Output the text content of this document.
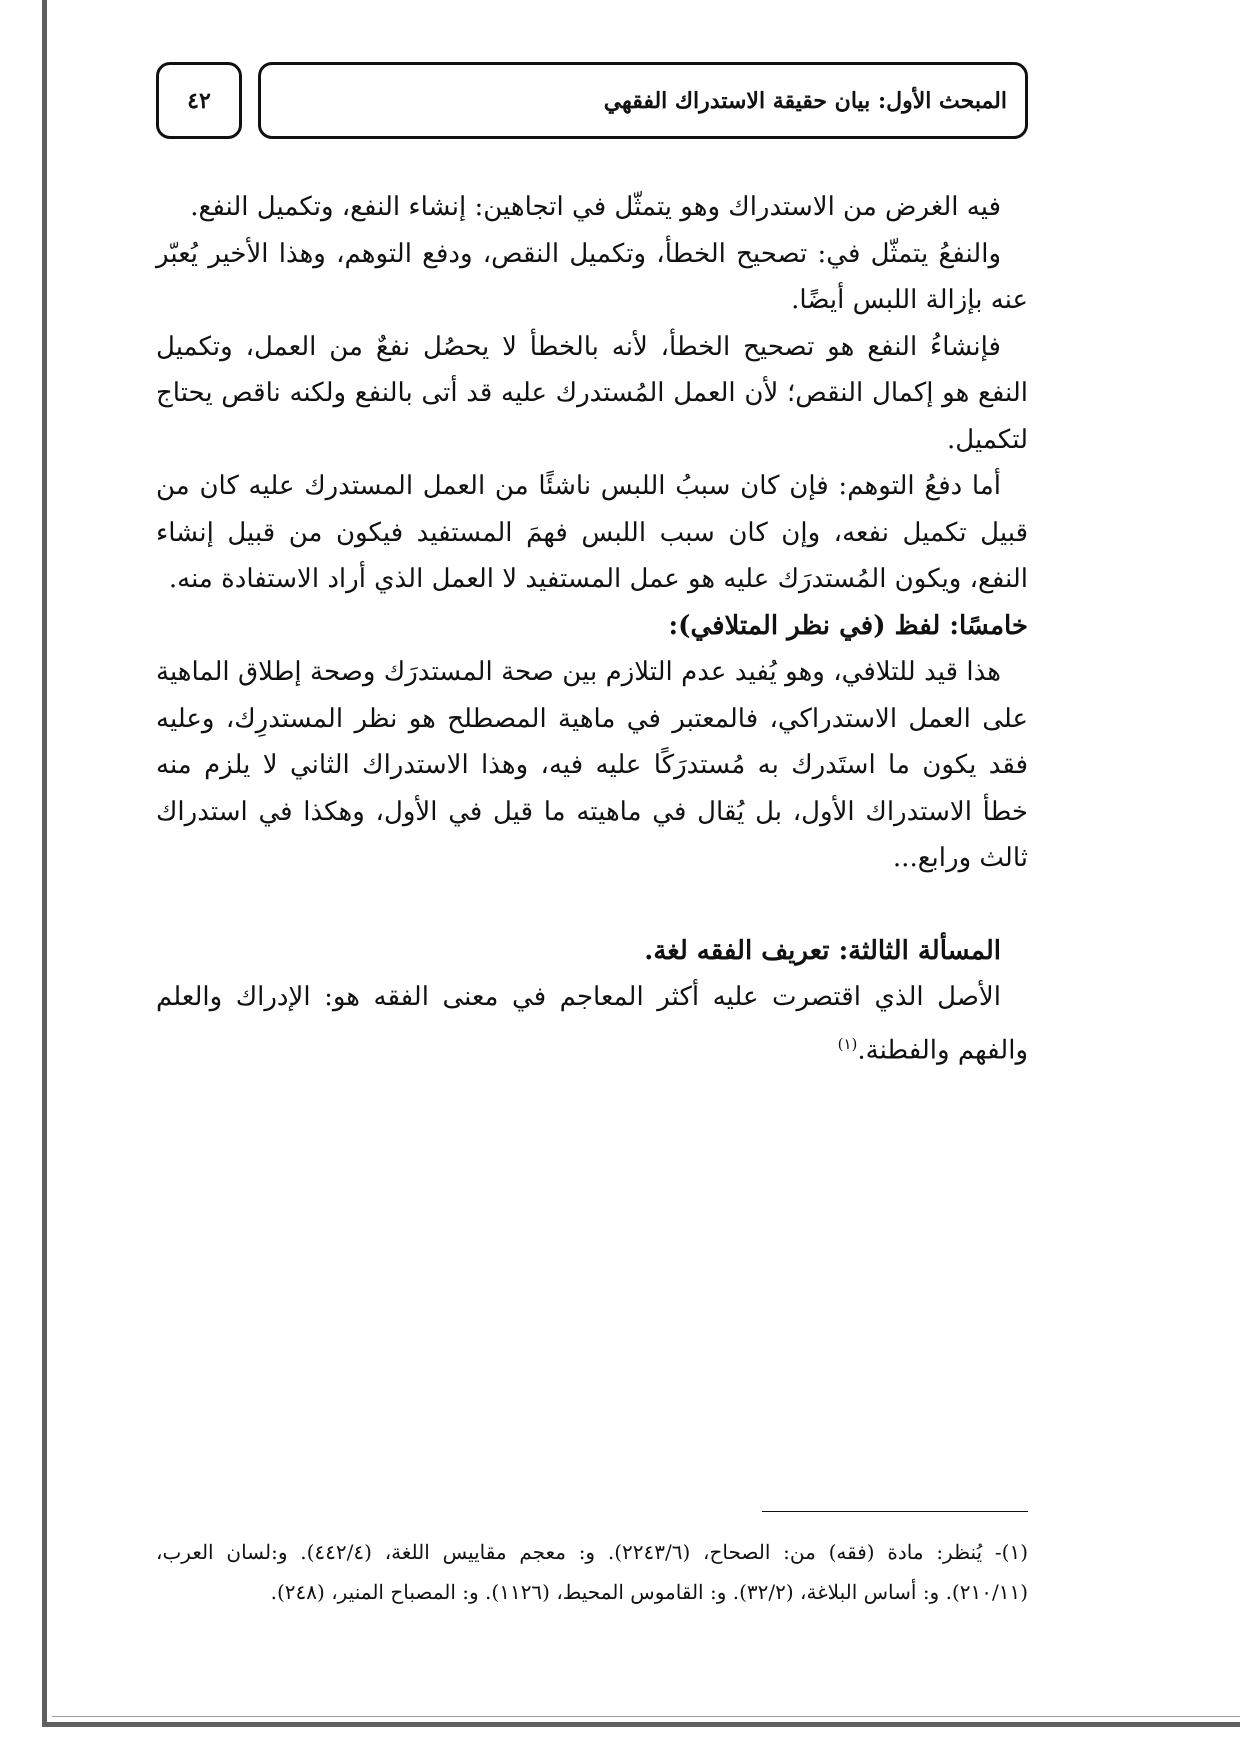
المبحث الأول: بيان حقيقة الاستدراك الفقهي
٤٢

فيه الغرض من الاستدراك وهو يتمثّل في اتجاهين: إنشاء النفع، وتكميل النفع.

والنفعُ يتمثّل في: تصحيح الخطأ، وتكميل النقص، ودفع التوهم، وهذا الأخير يُعبّر عنه بإزالة اللبس أيضًا.

فإنشاءُ النفع هو تصحيح الخطأ، لأنه بالخطأ لا يحصُل نفعٌ من العمل، وتكميل النفع هو إكمال النقص؛ لأن العمل المُستدرك عليه قد أتى بالنفع ولكنه ناقص يحتاج لتكميل.

أما دفعُ التوهم: فإن كان سببُ اللبس ناشئًا من العمل المستدرك عليه كان من قبيل تكميل نفعه، وإن كان سبب اللبس فهمَ المستفيد فيكون من قبيل إنشاء النفع، ويكون المُستدرَك عليه هو عمل المستفيد لا العمل الذي أراد الاستفادة منه.

خامسًا: لفظ (في نظر المتلافي):

هذا قيد للتلافي، وهو يُفيد عدم التلازم بين صحة المستدرَك وصحة إطلاق الماهية على العمل الاستدراكي، فالمعتبر في ماهية المصطلح هو نظر المستدرِك، وعليه فقد يكون ما استَدرك به مُستدرَكًا عليه فيه، وهذا الاستدراك الثاني لا يلزم منه خطأ الاستدراك الأول، بل يُقال في ماهيته ما قيل في الأول، وهكذا في استدراك ثالث ورابع...

المسألة الثالثة: تعريف الفقه لغة.

الأصل الذي اقتصرت عليه أكثر المعاجم في معنى الفقه هو: الإدراك والعلم والفهم والفطنة.$^{(١)}$

(١)- يُنظر: مادة (فقه) من: الصحاح، (٢٢٤٣/٦). و: معجم مقاييس اللغة، (٤٤٢/٤). و:لسان العرب، (٢١٠/١١). و: أساس البلاغة، (٣٢/٢). و: القاموس المحيط، (١١٢٦). و: المصباح المنير، (٢٤٨).
